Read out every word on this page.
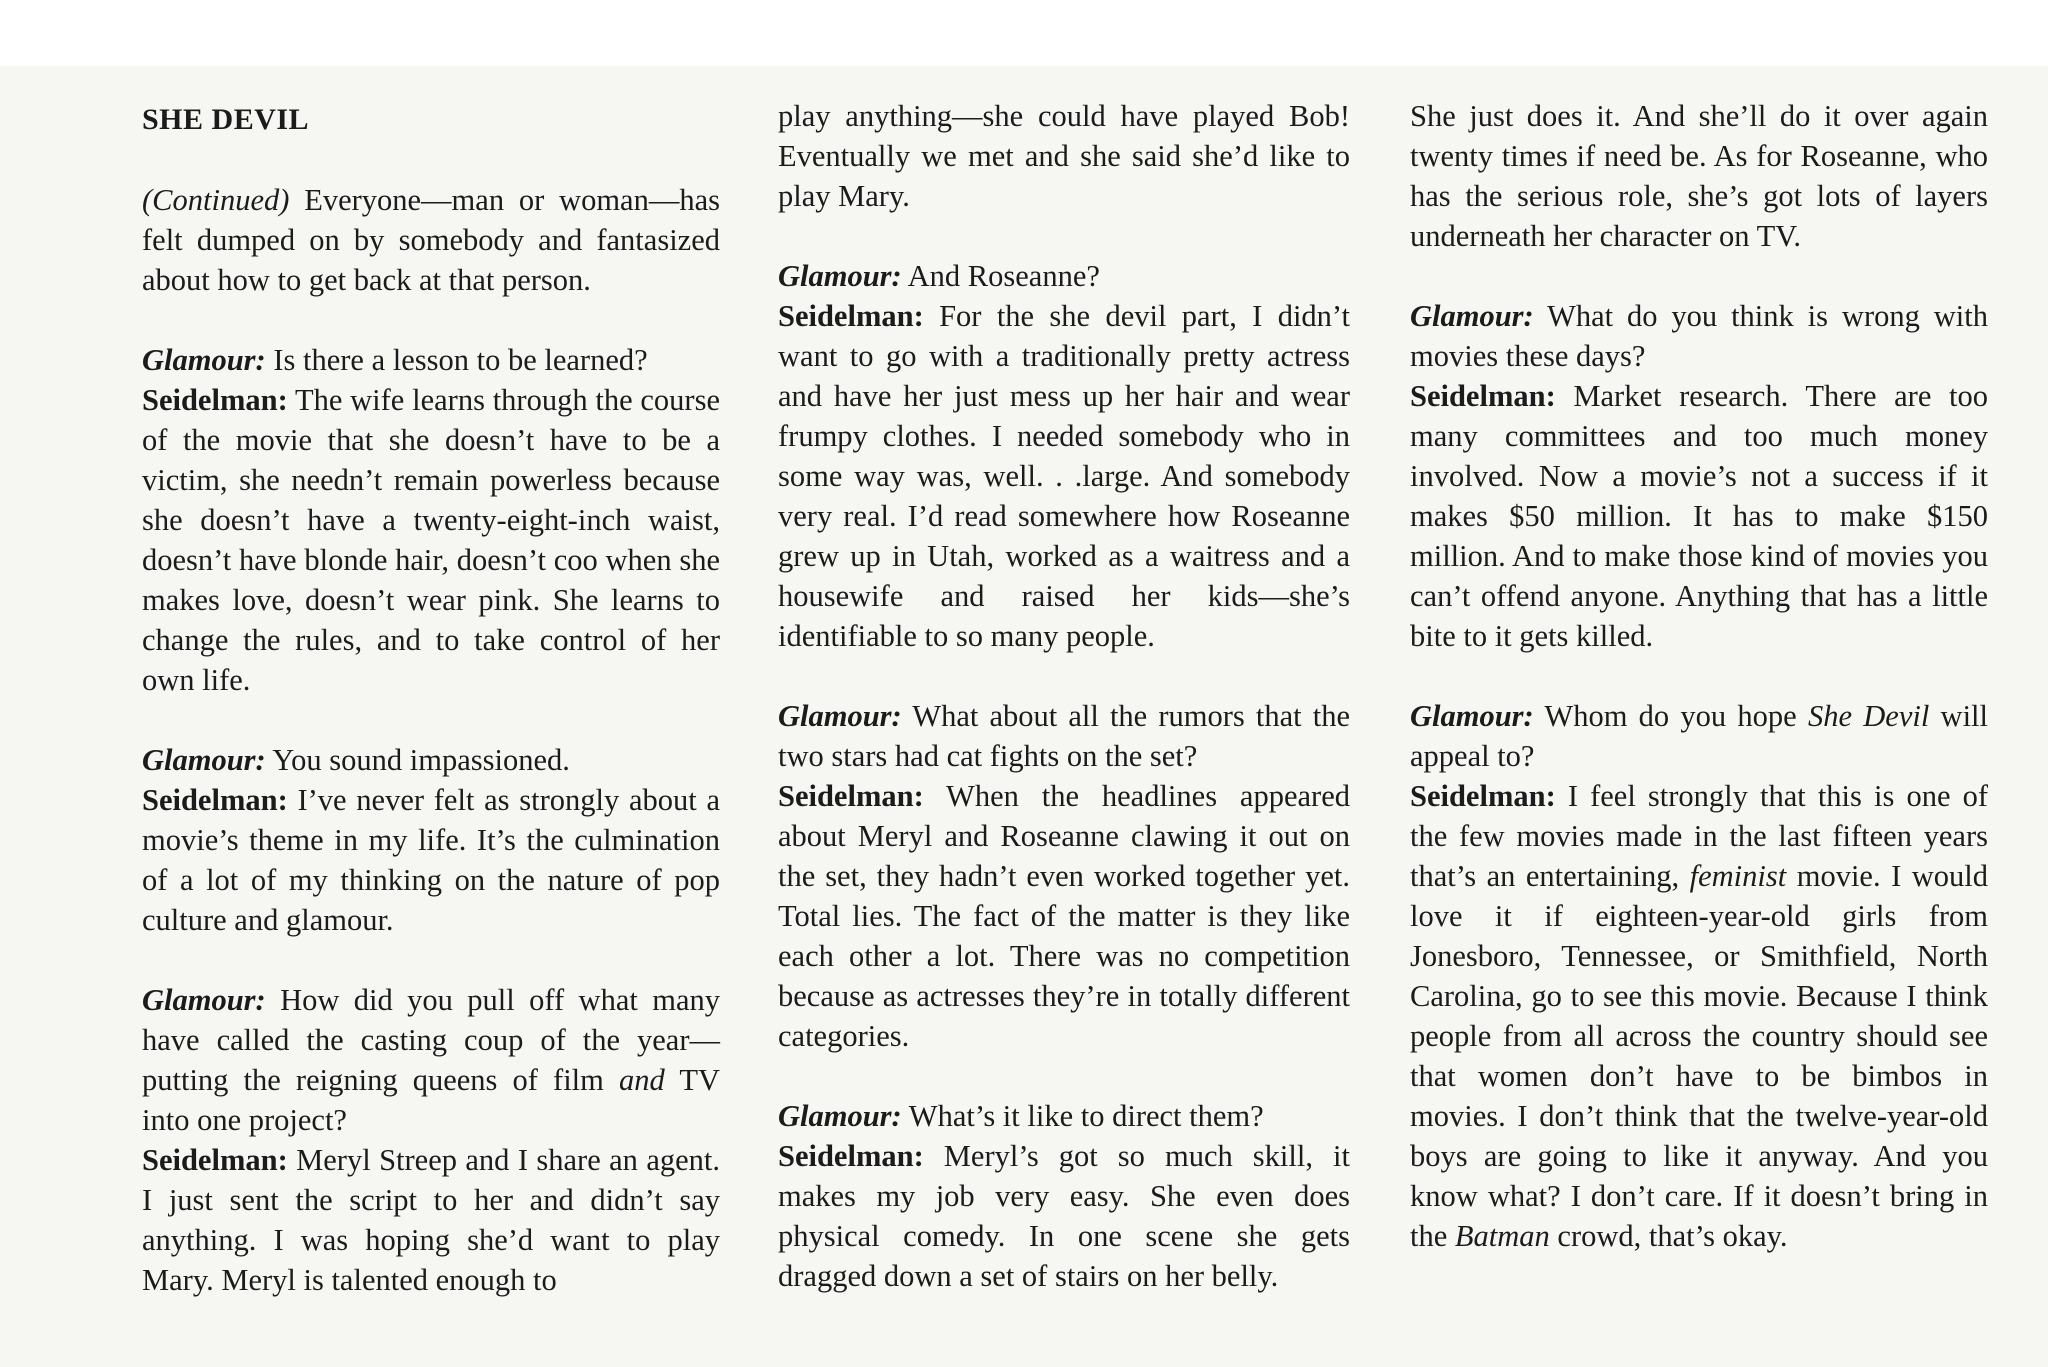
SHE DEVIL

(Continued) Everyone—man or woman—has felt dumped on by somebody and fantasized about how to get back at that person.

Glamour: Is there a lesson to be learned?
Seidelman: The wife learns through the course of the movie that she doesn’t have to be a victim, she needn’t remain powerless because she doesn’t have a twenty-eight-inch waist, doesn’t have blonde hair, doesn’t coo when she makes love, doesn’t wear pink. She learns to change the rules, and to take control of her own life.

Glamour: You sound impassioned.
Seidelman: I’ve never felt as strongly about a movie’s theme in my life. It’s the culmination of a lot of my thinking on the nature of pop culture and glamour.

Glamour: How did you pull off what many have called the casting coup of the year—putting the reigning queens of film and TV into one project?
Seidelman: Meryl Streep and I share an agent. I just sent the script to her and didn’t say anything. I was hoping she’d want to play Mary. Meryl is talented enough to

play anything—she could have played Bob! Eventually we met and she said she’d like to play Mary.

Glamour: And Roseanne?
Seidelman: For the she devil part, I didn’t want to go with a traditionally pretty actress and have her just mess up her hair and wear frumpy clothes. I needed somebody who in some way was, well. . .large. And somebody very real. I’d read somewhere how Roseanne grew up in Utah, worked as a waitress and a housewife and raised her kids—she’s identifiable to so many people.

Glamour: What about all the rumors that the two stars had cat fights on the set?
Seidelman: When the headlines appeared about Meryl and Roseanne clawing it out on the set, they hadn’t even worked together yet. Total lies. The fact of the matter is they like each other a lot. There was no competition because as actresses they’re in totally different categories.

Glamour: What’s it like to direct them?
Seidelman: Meryl’s got so much skill, it makes my job very easy. She even does physical comedy. In one scene she gets dragged down a set of stairs on her belly.

She just does it. And she’ll do it over again twenty times if need be. As for Roseanne, who has the serious role, she’s got lots of layers underneath her character on TV.

Glamour: What do you think is wrong with movies these days?
Seidelman: Market research. There are too many committees and too much money involved. Now a movie’s not a success if it makes $50 million. It has to make $150 million. And to make those kind of movies you can’t offend anyone. Anything that has a little bite to it gets killed.

Glamour: Whom do you hope She Devil will appeal to?
Seidelman: I feel strongly that this is one of the few movies made in the last fifteen years that’s an entertaining, feminist movie. I would love it if eighteen-year-old girls from Jonesboro, Tennessee, or Smithfield, North Carolina, go to see this movie. Because I think people from all across the country should see that women don’t have to be bimbos in movies. I don’t think that the twelve-year-old boys are going to like it anyway. And you know what? I don’t care. If it doesn’t bring in the Batman crowd, that’s okay.
